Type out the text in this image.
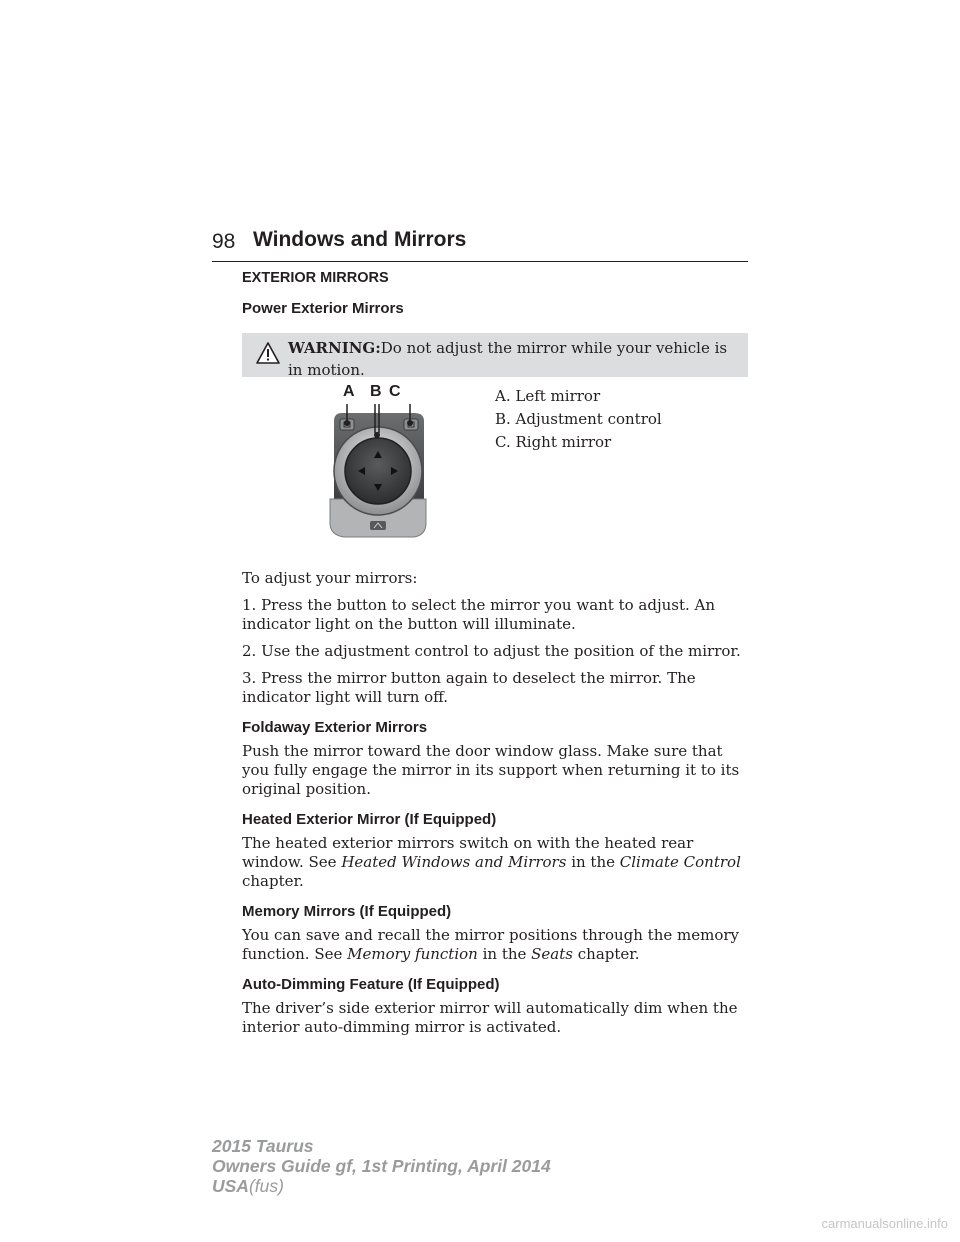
98 Windows and Mirrors
EXTERIOR MIRRORS
Power Exterior Mirrors
WARNING:Do not adjust the mirror while your vehicle is in motion.
A B C	A. Left mirror

B. Adjustment control

C. Right mirror

To adjust your mirrors:

1. Press the button to select the mirror you want to adjust. An indicator light on the button will illuminate.

2. Use the adjustment control to adjust the position of the mirror.

3. Press the mirror button again to deselect the mirror. The indicator light will turn off.

Foldaway Exterior Mirrors

Push the mirror toward the door window glass. Make sure that you fully engage the mirror in its support when returning it to its original position.

Heated Exterior Mirror (If Equipped)

The heated exterior mirrors switch on with the heated rear window. See Heated Windows and Mirrors in the Climate Control chapter.

Memory Mirrors (If Equipped)

You can save and recall the mirror positions through the memory function. See Memory function in the Seats chapter.

Auto-Dimming Feature (If Equipped)

The driver’s side exterior mirror will automatically dim when the interior auto-dimming mirror is activated.

2015 Taurus
Owners Guide gf, 1st Printing, April 2014
USA(fus)
carmanualsonline.info
